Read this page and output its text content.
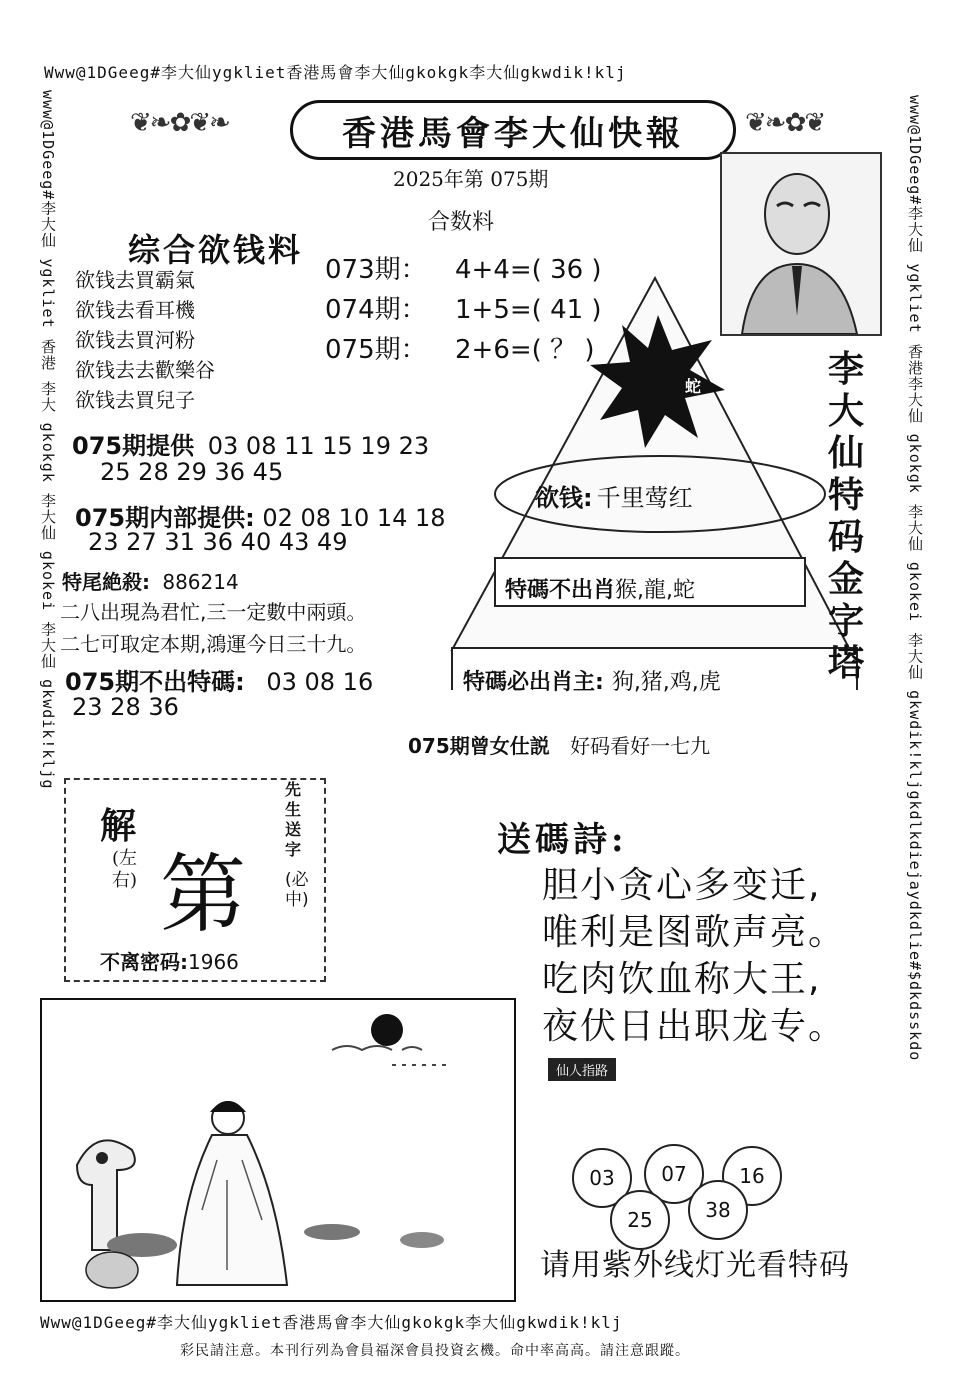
Www@1DGeeg#李大仙ygkliet香港馬會李大仙gkokgk李大仙gkwdik!klj
Www@1DGeeg#李大仙ygkliet香港馬會李大仙gkokgk李大仙gkwdik!klj
www@1DGeeg#李大仙 ygkliet 香港 李大 gkokgk 李大仙 gkokei 李大仙 gkwdik!kljg	www@1DGeeg#李大仙 ygkliet 香港李大仙 gkokgk 李大仙 gkokei 李大仙 gkwdik!kljgkdlkdiejaydkdlie#$dkdsskdo
❦❧✿❦❧	香港馬會李大仙快報	❦❧✿❦
2025年第 075期
合数料
073期： 4+4=( 36 )
074期： 1+5=( 41 )
075期： 2+6=( ？ )
综合欲钱料
欲钱去買霸氣
欲钱去看耳機
欲钱去買河粉
欲钱去去歡樂谷
欲钱去買兒子
075期提供 03 08 11 15 19 23
25 28 29 36 45
075期内部提供: 02 08 10 14 18
23 27 31 36 40 43 49
特尾絶殺: 886214
二八出現為君忙,三一定數中兩頭。
二七可取定本期,鴻運今日三十九。
075期不出特碼: 03 08 16
23 28 36
蛇
欲钱: 千里莺红
特碼不出肖猴,龍,蛇
特碼必出肖主: 狗,猪,鸡,虎
李大仙特码金字塔
075期曾女仕説 好码看好一七九
解
(左右) 第
先生送字
(必中)
不离密码:1966
送碼詩:
胆小贪心多变迁,
唯利是图歌声亮。
吃肉饮血称大王,
夜伏日出职龙专。
仙人指路
03	07	16
25	38
请用紫外线灯光看特码
彩民請注意。本刊行列為會員福深會員投資玄機。命中率高高。請注意跟蹤。
